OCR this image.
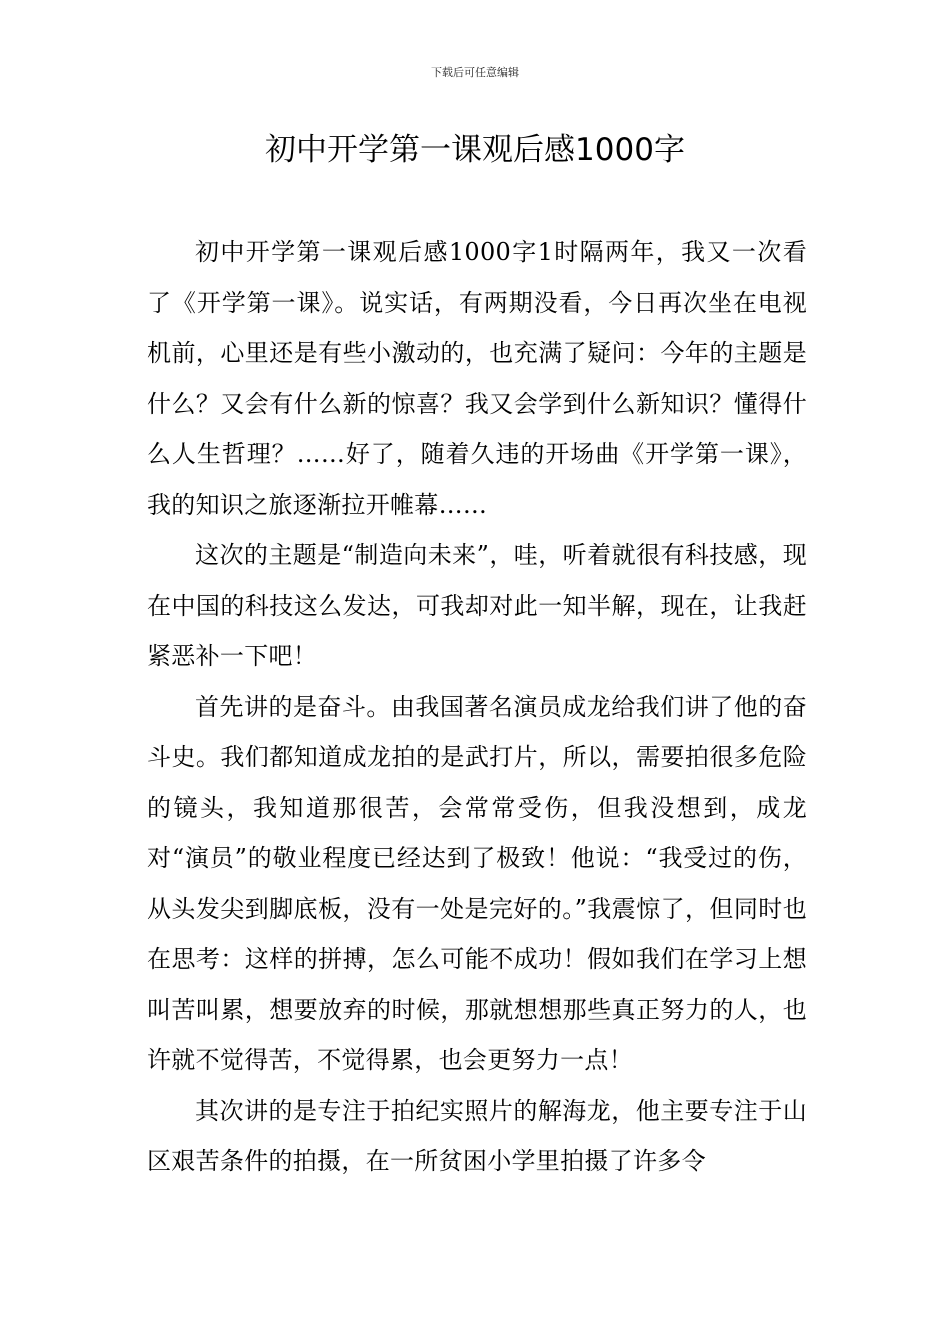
下载后可任意编辑
初中开学第一课观后感1000字

初中开学第一课观后感1000字1时隔两年，我又一次看了《开学第一课》。说实话，有两期没看，今日再次坐在电视机前，心里还是有些小激动的，也充满了疑问：今年的主题是什么？又会有什么新的惊喜？我又会学到什么新知识？懂得什么人生哲理？……好了，随着久违的开场曲《开学第一课》，我的知识之旅逐渐拉开帷幕……

这次的主题是“制造向未来”，哇，听着就很有科技感，现在中国的科技这么发达，可我却对此一知半解，现在，让我赶紧恶补一下吧！

首先讲的是奋斗。由我国著名演员成龙给我们讲了他的奋斗史。我们都知道成龙拍的是武打片，所以，需要拍很多危险的镜头，我知道那很苦，会常常受伤，但我没想到，成龙对“演员”的敬业程度已经达到了极致！他说：“我受过的伤，从头发尖到脚底板，没有一处是完好的。”我震惊了，但同时也在思考：这样的拼搏，怎么可能不成功！假如我们在学习上想叫苦叫累，想要放弃的时候，那就想想那些真正努力的人，也许就不觉得苦，不觉得累，也会更努力一点！

其次讲的是专注于拍纪实照片的解海龙，他主要专注于山区艰苦条件的拍摄，在一所贫困小学里拍摄了许多令
